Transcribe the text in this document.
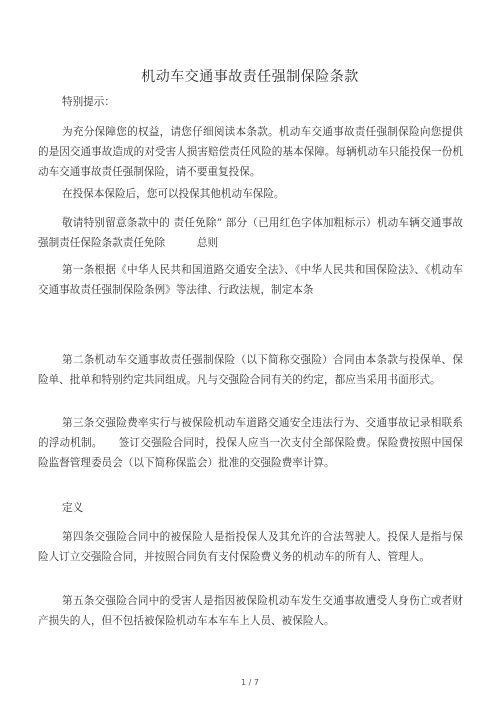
机动车交通事故责任强制保险条款

特别提示：

为充分保障您的权益，请您仔细阅读本条款。机动车交通事故责任强制保险向您提供的是因交通事故造成的对受害人损害赔偿责任风险的基本保障。每辆机动车只能投保一份机动车交通事故责任强制保险，请不要重复投保。

在投保本保险后，您可以投保其他机动车保险。

敬请特别留意条款中的 责任免除” 部分（已用红色字体加粗标示）机动车辆交通事故强制责任保险条款责任免除　　　总则

第一条根据《中华人民共和国道路交通安全法》、《中华人民共和国保险法》、《机动车交通事故责任强制保险条例》等法律、行政法规，制定本条

第二条机动车交通事故责任强制保险（以下简称交强险）合同由本条款与投保单、保险单、批单和特别约定共同组成。凡与交强险合同有关的约定，都应当采用书面形式。

第三条交强险费率实行与被保险机动车道路交通安全违法行为、交通事故记录相联系的浮动机制。　　签订交强险合同时，投保人应当一次支付全部保险费。保险费按照中国保险监督管理委员会（以下简称保监会）批准的交强险费率计算。

定义

第四条交强险合同中的被保险人是指投保人及其允许的合法驾驶人。投保人是指与保险人订立交强险合同，并按照合同负有支付保险费义务的机动车的所有人、管理人。

第五条交强险合同中的受害人是指因被保险机动车发生交通事故遭受人身伤亡或者财产损失的人，但不包括被保险机动车本车车上人员、被保险人。

1 / 7
